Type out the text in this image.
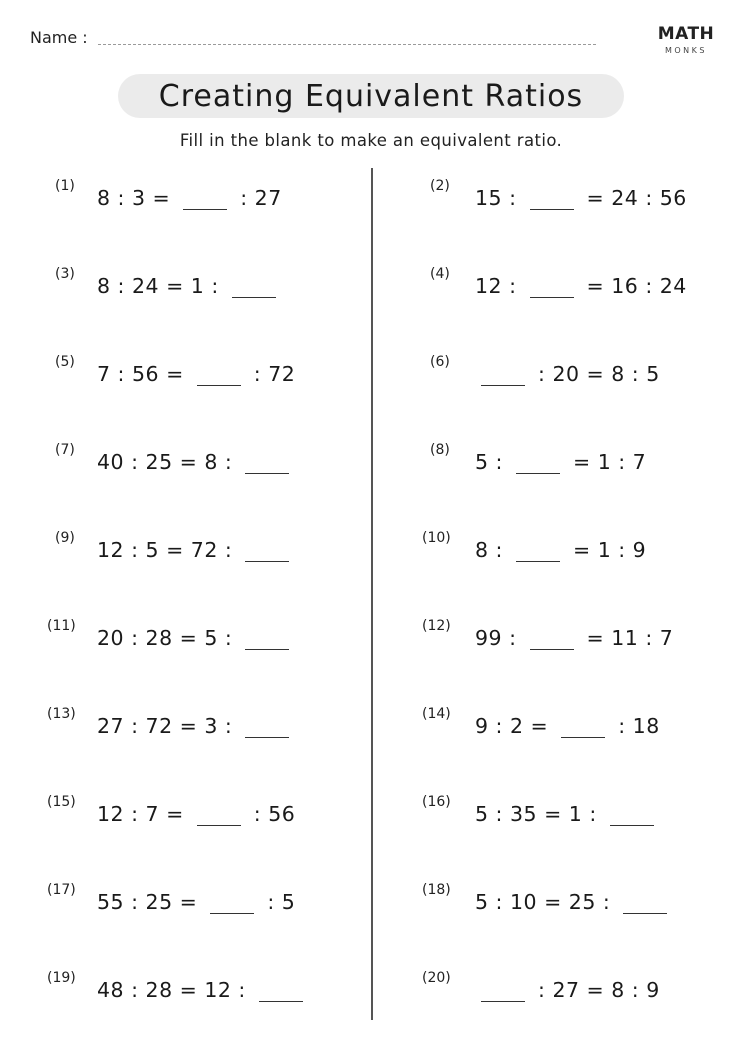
Name :	MATH
MONKS
Creating Equivalent Ratios
Fill in the blank to make an equivalent ratio.
(1) 8 : 3 =	: 27	(2) 15 :	= 24 : 56
(3) 8 : 24 = 1 :	(4) 12 :	= 16 : 24
(5) 7 : 56 =	: 72	(6)	: 20 = 8 : 5
(7) 40 : 25 = 8 :	(8) 5 :	= 1 : 7
(9) 12 : 5 = 72 :	(10) 8 :	= 1 : 9
(11) 20 : 28 = 5 :	(12) 99 :	= 11 : 7
(13) 27 : 72 = 3 :	(14) 9 : 2 =	: 18
(15) 12 : 7 =	: 56	(16) 5 : 35 = 1 :
(17) 55 : 25 =	: 5	(18) 5 : 10 = 25 :
(19) 48 : 28 = 12 :	(20)	: 27 = 8 : 9
